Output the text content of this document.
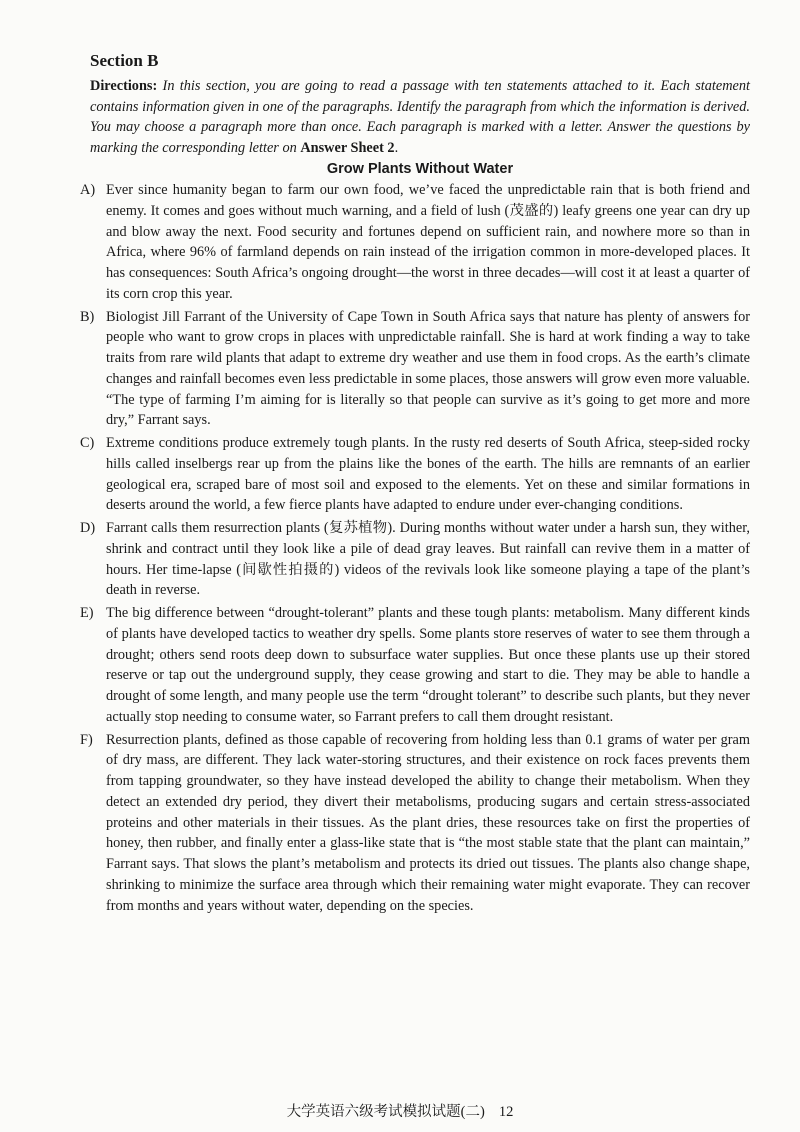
Section B

Directions: In this section, you are going to read a passage with ten statements attached to it. Each statement contains information given in one of the paragraphs. Identify the paragraph from which the information is derived. You may choose a paragraph more than once. Each paragraph is marked with a letter. Answer the questions by marking the corresponding letter on Answer Sheet 2.

Grow Plants Without Water
A) Ever since humanity began to farm our own food, we’ve faced the unpredictable rain that is both friend and enemy. It comes and goes without much warning, and a field of lush (茂盛的) leafy greens one year can dry up and blow away the next. Food security and fortunes depend on sufficient rain, and nowhere more so than in Africa, where 96% of farmland depends on rain instead of the irrigation common in more-developed places. It has consequences: South Africa’s ongoing drought—the worst in three decades—will cost it at least a quarter of its corn crop this year.
B) Biologist Jill Farrant of the University of Cape Town in South Africa says that nature has plenty of answers for people who want to grow crops in places with unpredictable rainfall. She is hard at work finding a way to take traits from rare wild plants that adapt to extreme dry weather and use them in food crops. As the earth’s climate changes and rainfall becomes even less predictable in some places, those answers will grow even more valuable. “The type of farming I’m aiming for is literally so that people can survive as it’s going to get more and more dry,” Farrant says.
C) Extreme conditions produce extremely tough plants. In the rusty red deserts of South Africa, steep-sided rocky hills called inselbergs rear up from the plains like the bones of the earth. The hills are remnants of an earlier geological era, scraped bare of most soil and exposed to the elements. Yet on these and similar formations in deserts around the world, a few fierce plants have adapted to endure under ever-changing conditions.
D) Farrant calls them resurrection plants (复苏植物). During months without water under a harsh sun, they wither, shrink and contract until they look like a pile of dead gray leaves. But rainfall can revive them in a matter of hours. Her time-lapse (间歇性拍摄的) videos of the revivals look like someone playing a tape of the plant’s death in reverse.
E) The big difference between “drought-tolerant” plants and these tough plants: metabolism. Many different kinds of plants have developed tactics to weather dry spells. Some plants store reserves of water to see them through a drought; others send roots deep down to subsurface water supplies. But once these plants use up their stored reserve or tap out the underground supply, they cease growing and start to die. They may be able to handle a drought of some length, and many people use the term “drought tolerant” to describe such plants, but they never actually stop needing to consume water, so Farrant prefers to call them drought resistant.
F) Resurrection plants, defined as those capable of recovering from holding less than 0.1 grams of water per gram of dry mass, are different. They lack water-storing structures, and their existence on rock faces prevents them from tapping groundwater, so they have instead developed the ability to change their metabolism. When they detect an extended dry period, they divert their metabolisms, producing sugars and certain stress-associated proteins and other materials in their tissues. As the plant dries, these resources take on first the properties of honey, then rubber, and finally enter a glass-like state that is “the most stable state that the plant can maintain,” Farrant says. That slows the plant’s metabolism and protects its dried out tissues. The plants also change shape, shrinking to minimize the surface area through which their remaining water might evaporate. They can recover from months and years without water, depending on the species.
大学英语六级考试模拟试题(二) 12
